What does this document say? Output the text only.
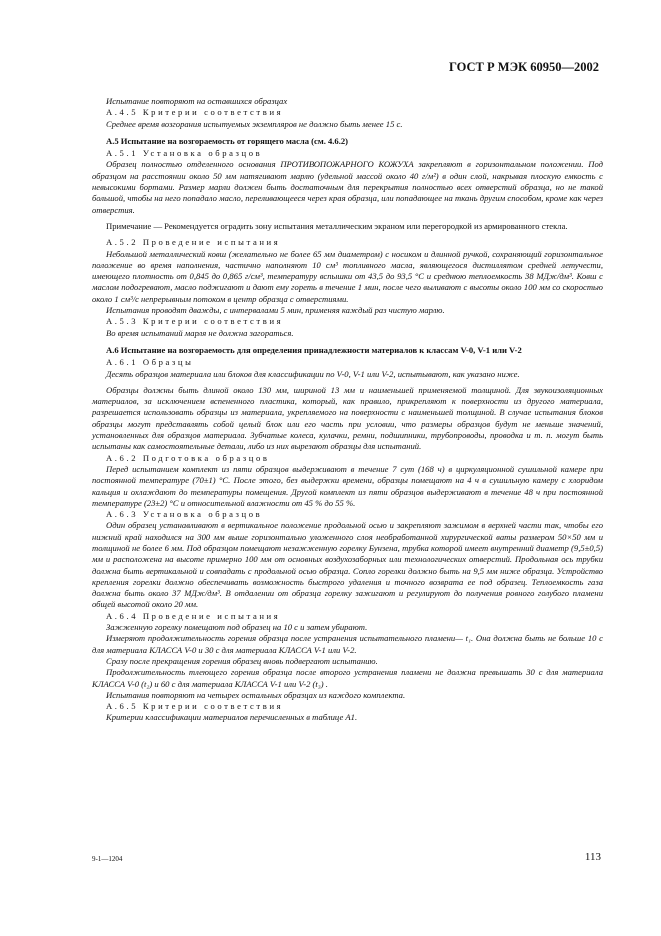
ГОСТ Р МЭК 60950—2002

Испытание повторяют на оставшихся образцах

А.4.5 Критерии соответствия

Среднее время возгорания испытуемых экземпляров не должно быть менее 15 с.

А.5 Испытание на возгораемость от горящего масла (см. 4.6.2)

А.5.1 Установка образцов

Образец полностью отделенного основания ПРОТИВОПОЖАРНОГО КОЖУХА закрепляют в горизонтальном положении. Под образцом на расстоянии около 50 мм натягивают марлю (удельной массой около 40 г/м²) в один слой, накрывая плоскую емкость с невысокими бортами. Размер марли должен быть достаточным для перекрытия полностью всех отверстий образца, но не такой большой, чтобы на него попадало масло, переливающееся через края образца, или попадающее на ткань другим способом, кроме как через отверстия.

Примечание — Рекомендуется оградить зону испытания металлическим экраном или перегородкой из армированного стекла.

А.5.2 Проведение испытания

Небольшой металлический ковш (желательно не более 65 мм диаметром) с носиком и длинной ручкой, сохраняющий горизонтальное положение во время наполнения, частично наполняют 10 см³ топливного масла, являющегося дистиллятом средней летучести, имеющего плотность от 0,845 до 0,865 г/см³, температуру вспышки от 43,5 до 93,5 °С и среднюю теплоемкость 38 МДж/дм³. Ковш с маслом подогревают, масло поджигают и дают ему гореть в течение 1 мин, после чего выливают с высоты около 100 мм со скоростью около 1 см³/с непрерывным потоком в центр образца с отверстиями.

Испытания проводят дважды, с интервалами 5 мин, применяя каждый раз чистую марлю.

А.5.3 Критерии соответствия

Во время испытаний марля не должна загораться.

А.6 Испытание на возгораемость для определения принадлежности материалов к классам V-0, V-1 или V-2

А.6.1 Образцы

Десять образцов материала или блоков для классификации по V-0, V-1 или V-2, испытывают, как указано ниже.

Образцы должны быть длиной около 130 мм, шириной 13 мм и наименьшей применяемой толщиной. Для звукоизоляционных материалов, за исключением вспененного пластика, который, как правило, прикрепляют к поверхности из другого материала, разрешается использовать образцы из материала, укрепляемого на поверхности с наименьшей толщиной. В случае испытания блоков образцы могут представлять собой целый блок или его часть при условии, что размеры образцов будут не меньше значений, установленных для образцов материала. Зубчатые колеса, кулачки, ремни, подшипники, трубопроводы, проводка и т. п. могут быть испытаны как самостоятельные детали, либо из них вырезают образцы для испытаний.

А.6.2 Подготовка образцов

Перед испытанием комплект из пяти образцов выдерживают в течение 7 сут (168 ч) в циркуляционной сушильной камере при постоянной температуре (70±1) °С. После этого, без выдержки времени, образцы помещают на 4 ч в сушильную камеру с хлоридом кальция и охлаждают до температуры помещения. Другой комплект из пяти образцов выдерживают в течение 48 ч при постоянной температуре (23±2) °С и относительной влажности от 45 % до 55 %.

А.6.3 Установка образцов

Один образец устанавливают в вертикальное положение продольной осью и закрепляют зажимом в верхней части так, чтобы его нижний край находился на 300 мм выше горизонтально уложенного слоя необработанной хирургической ваты размером 50×50 мм и толщиной не более 6 мм. Под образцом помещают незажженную горелку Бунзена, трубка которой имеет внутренний диаметр (9,5±0,5) мм и расположена на высоте примерно 100 мм от основных воздухозаборных или технологических отверстий. Продольная ось трубки должна быть вертикальной и совпадать с продольной осью образца. Сопло горелки должно быть на 9,5 мм ниже образца. Устройство крепления горелки должно обеспечивать возможность быстрого удаления и точного возврата ее под образец. Теплоемкость газа должна быть около 37 МДж/дм³. В отдалении от образца горелку зажигают и регулируют до получения ровного голубого пламени общей высотой около 20 мм.

А.6.4 Проведение испытания

Зажженную горелку помещают под образец на 10 с и затем убирают.

Измеряют продолжительность горения образца после устранения испытательного пламени— t₁. Она должна быть не больше 10 с для материала КЛАССА V-0 и 30 с для материала КЛАССА V-1 или V-2.

Сразу после прекращения горения образец вновь подвергают испытанию.

Продолжительность тлеющего горения образца после второго устранения пламени не должна превышать 30 с для материала КЛАССА V-0 (t₂) и 60 с для материала КЛАССА V-1 или V-2 (t₃) .

Испытания повторяют на четырех остальных образцах из каждого комплекта.

А.6.5 Критерии соответствия

Критерии классификации материалов перечисленных в таблице А1.

9-1—1204	113
